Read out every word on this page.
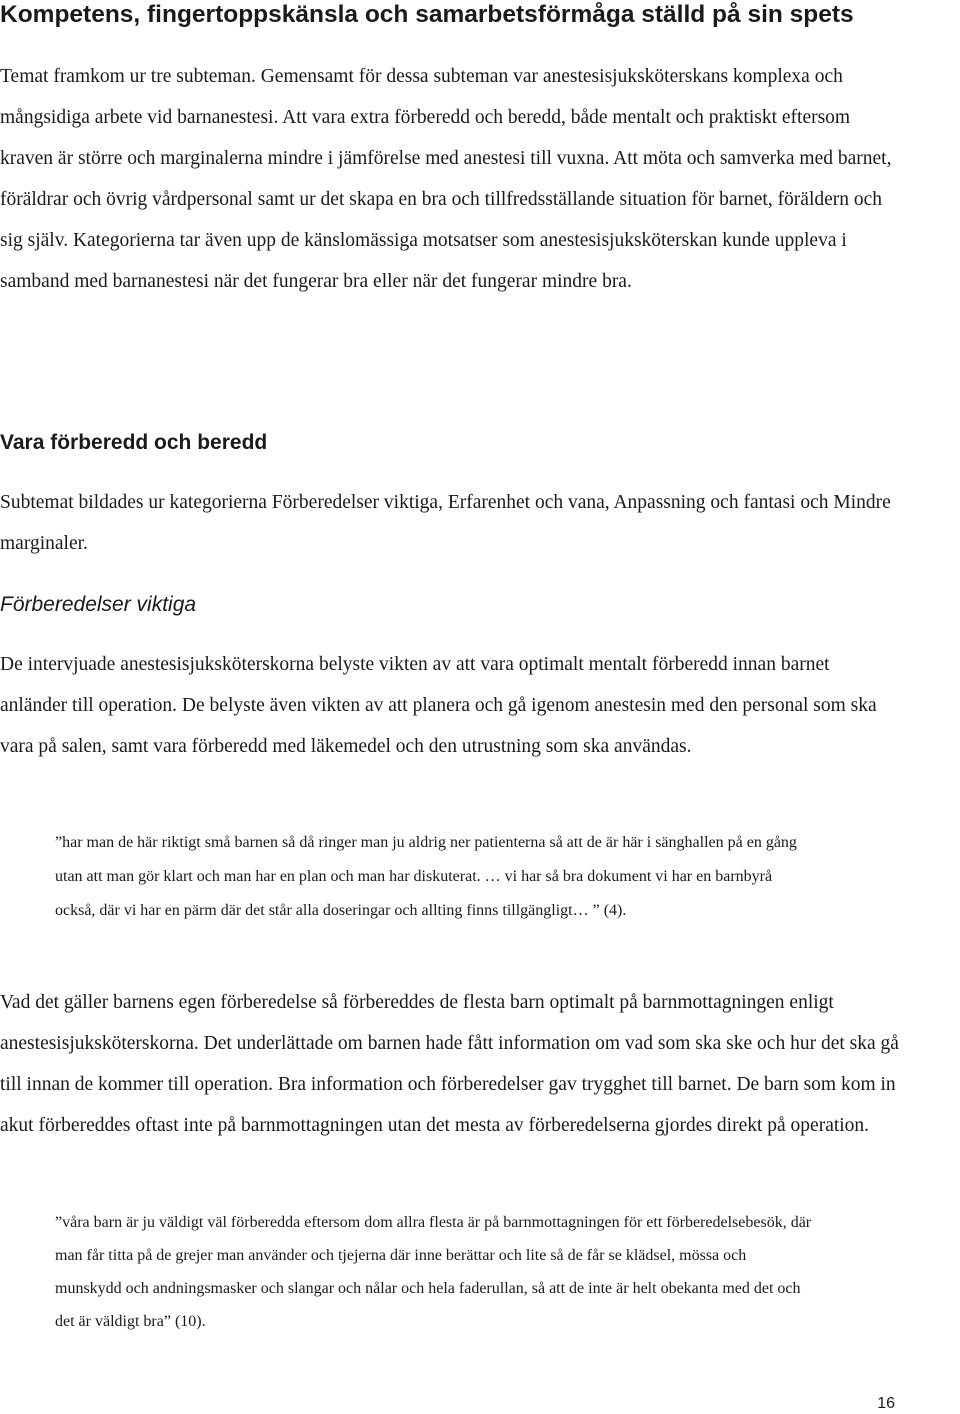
Kompetens, fingertoppskänsla och samarbetsförmåga ställd på sin spets

Temat framkom ur tre subteman. Gemensamt för dessa subteman var anestesisjuksköterskans komplexa och mångsidiga arbete vid barnanestesi. Att vara extra förberedd och beredd, både mentalt och praktiskt eftersom kraven är större och marginalerna mindre i jämförelse med anestesi till vuxna. Att möta och samverka med barnet, föräldrar och övrig vårdpersonal samt ur det skapa en bra och tillfredsställande situation för barnet, föräldern och sig själv. Kategorierna tar även upp de känslomässiga motsatser som anestesisjuksköterskan kunde uppleva i samband med barnanestesi när det fungerar bra eller när det fungerar mindre bra.

Vara förberedd och beredd

Subtemat bildades ur kategorierna Förberedelser viktiga, Erfarenhet och vana, Anpassning och fantasi och Mindre marginaler.

Förberedelser viktiga

De intervjuade anestesisjuksköterskorna belyste vikten av att vara optimalt mentalt förberedd innan barnet anländer till operation. De belyste även vikten av att planera och gå igenom anestesin med den personal som ska vara på salen, samt vara förberedd med läkemedel och den utrustning som ska användas.

”har man de här riktigt små barnen så då ringer man ju aldrig ner patienterna så att de är här i sänghallen på en gång utan att man gör klart och man har en plan och man har diskuterat. … vi har så bra dokument vi har en barnbyrå också, där vi har en pärm där det står alla doseringar och allting finns tillgängligt… ” (4).

Vad det gäller barnens egen förberedelse så förbereddes de flesta barn optimalt på barnmottagningen enligt anestesisjuksköterskorna. Det underlättade om barnen hade fått information om vad som ska ske och hur det ska gå till innan de kommer till operation. Bra information och förberedelser gav trygghet till barnet. De barn som kom in akut förbereddes oftast inte på barnmottagningen utan det mesta av förberedelserna gjordes direkt på operation.

”våra barn är ju väldigt väl förberedda eftersom dom allra flesta är på barnmottagningen för ett förberedelsebesök, där man får titta på de grejer man använder och tjejerna där inne berättar och lite så de får se klädsel, mössa och munskydd och andningsmasker och slangar och nålar och hela faderullan, så att de inte är helt obekanta med det och det är väldigt bra” (10).
16
